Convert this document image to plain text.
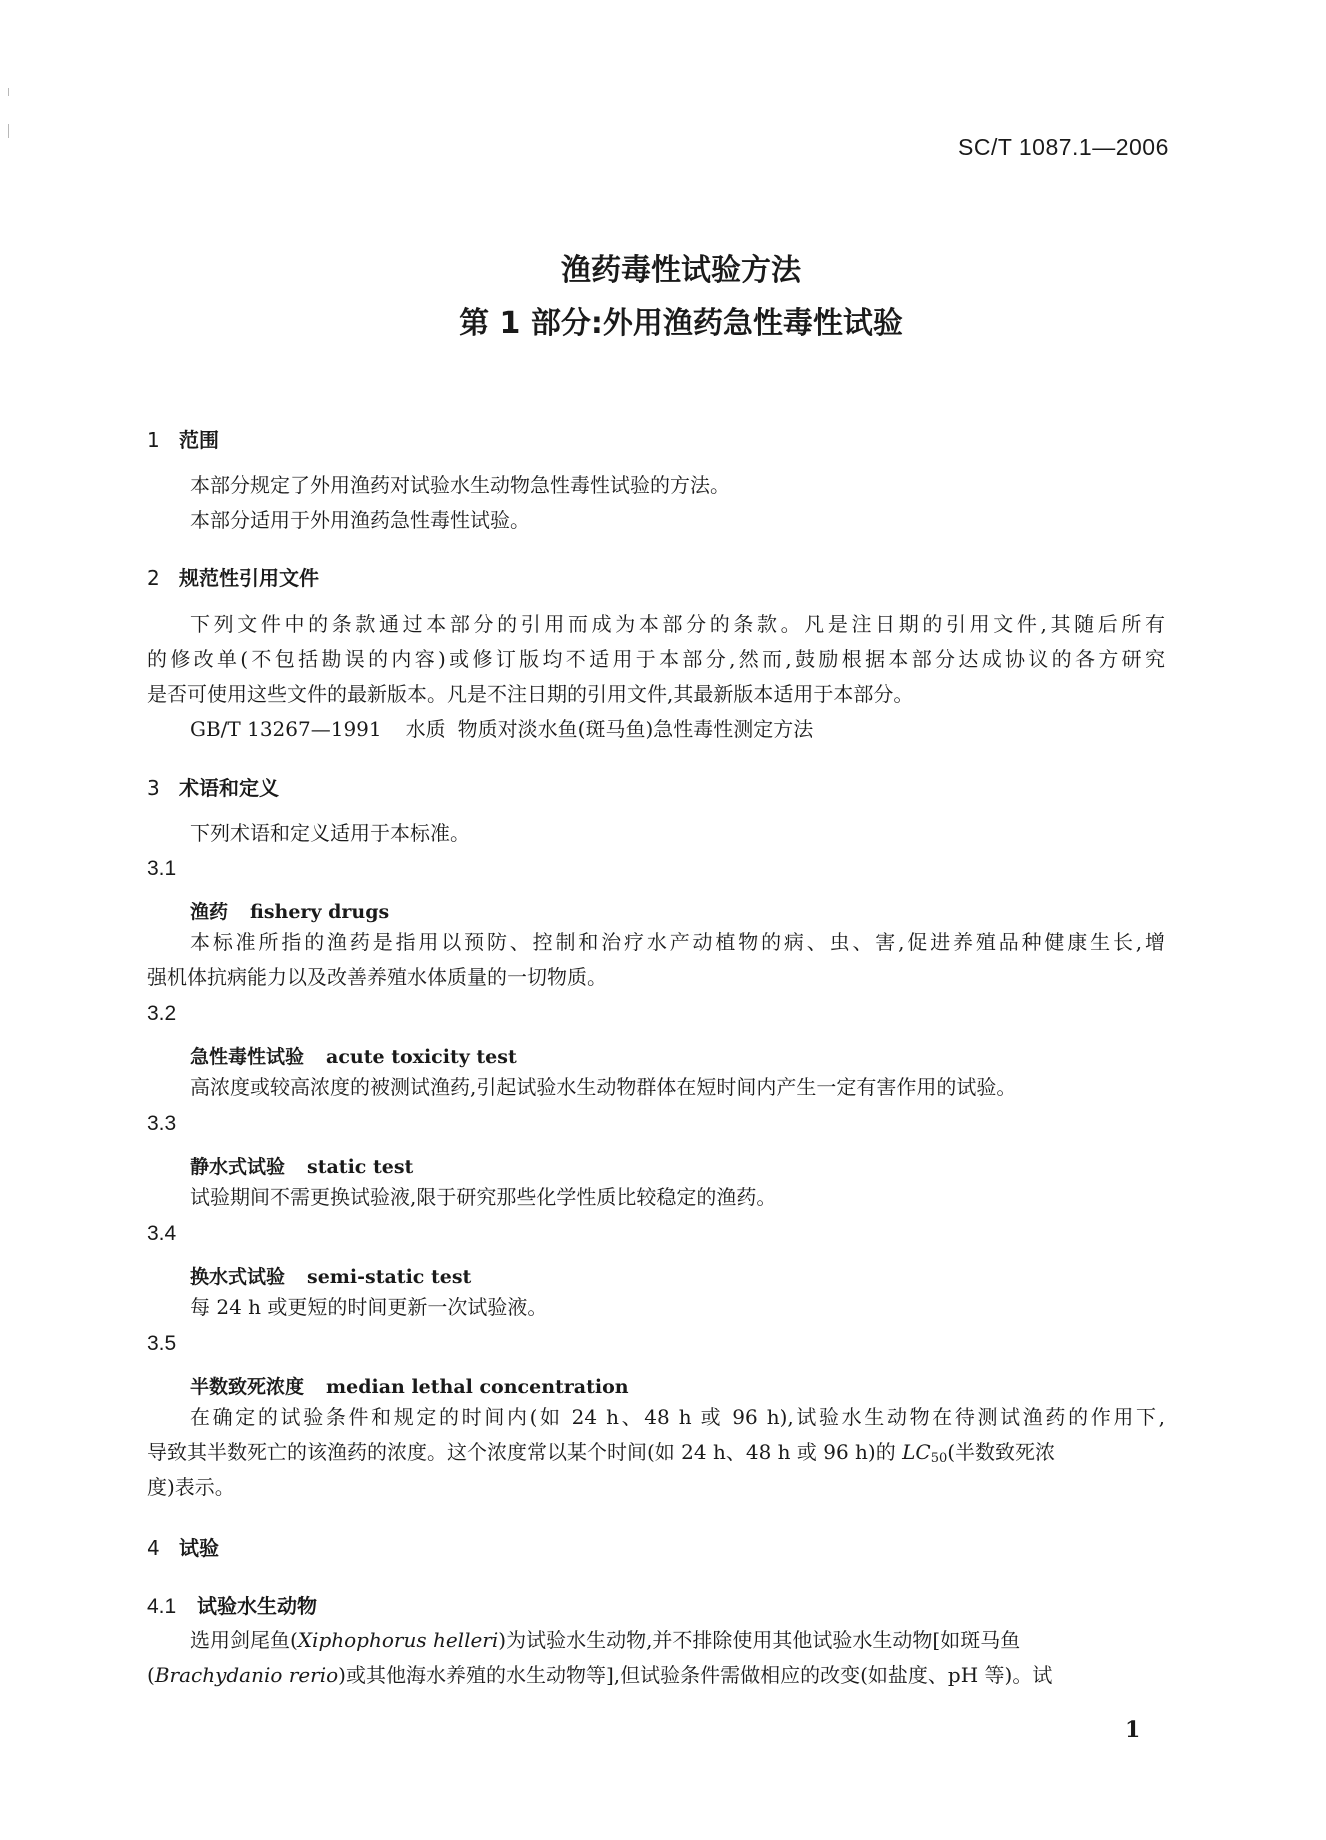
SC/T 1087.1—2006
渔药毒性试验方法
第 1 部分:外用渔药急性毒性试验
1 范围
本部分规定了外用渔药对试验水生动物急性毒性试验的方法。
本部分适用于外用渔药急性毒性试验。
2 规范性引用文件
下列文件中的条款通过本部分的引用而成为本部分的条款。凡是注日期的引用文件,其随后所有
的修改单(不包括勘误的内容)或修订版均不适用于本部分,然而,鼓励根据本部分达成协议的各方研究
是否可使用这些文件的最新版本。凡是不注日期的引用文件,其最新版本适用于本部分。
GB/T 13267—1991 水质 物质对淡水鱼(斑马鱼)急性毒性测定方法
3 术语和定义
下列术语和定义适用于本标准。
3.1
渔药 fishery drugs
本标准所指的渔药是指用以预防、控制和治疗水产动植物的病、虫、害,促进养殖品种健康生长,增
强机体抗病能力以及改善养殖水体质量的一切物质。
3.2
急性毒性试验 acute toxicity test
高浓度或较高浓度的被测试渔药,引起试验水生动物群体在短时间内产生一定有害作用的试验。
3.3
静水式试验 static test
试验期间不需更换试验液,限于研究那些化学性质比较稳定的渔药。
3.4
换水式试验 semi-static test
每 24 h 或更短的时间更新一次试验液。
3.5
半数致死浓度 median lethal concentration
在确定的试验条件和规定的时间内(如 24 h、48 h 或 96 h),试验水生动物在待测试渔药的作用下,
导致其半数死亡的该渔药的浓度。这个浓度常以某个时间(如 24 h、48 h 或 96 h)的 $LC_{50}$(半数致死浓
度)表示。
4 试验
4.1 试验水生动物
选用剑尾鱼(Xiphophorus helleri)为试验水生动物,并不排除使用其他试验水生动物[如斑马鱼
(Brachydanio rerio)或其他海水养殖的水生动物等],但试验条件需做相应的改变(如盐度、pH 等)。试
1
